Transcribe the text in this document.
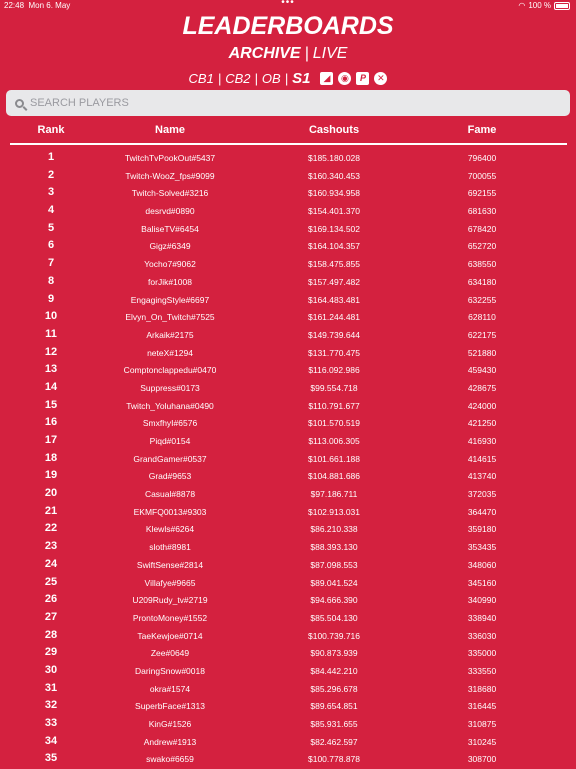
22:48 Mon 6. May	•••	◠ 100 %
LEADERBOARDS
ARCHIVE | LIVE
CB1 | CB2 | OB | S1	◢	◉	P	✕
SEARCH PLAYERS
Rank	Name	Cashouts	Fame
1	TwitchTvPookOut#5437	$185.180.028	796400
2	Twitch-WooZ_fps#9099	$160.340.453	700055
3	Twitch-Solved#3216	$160.934.958	692155
4	desrvd#0890	$154.401.370	681630
5	BaliseTV#6454	$169.134.502	678420
6	Gigz#6349	$164.104.357	652720
7	Yocho7#9062	$158.475.855	638550
8	forJik#1008	$157.497.482	634180
9	EngagingStyle#6697	$164.483.481	632255
10	Elvyn_On_Twitch#7525	$161.244.481	628110
11	Arkaik#2175	$149.739.644	622175
12	neteX#1294	$131.770.475	521880
13	Comptonclappedu#0470	$116.092.986	459430
14	Suppress#0173	$99.554.718	428675
15	Twitch_Yoluhana#0490	$110.791.677	424000
16	SmxfhyI#6576	$101.570.519	421250
17	Piqd#0154	$113.006.305	416930
18	GrandGamer#0537	$101.661.188	414615
19	Grad#9653	$104.881.686	413740
20	Casual#8878	$97.186.711	372035
21	EKMFQ0013#9303	$102.913.031	364470
22	Klewls#6264	$86.210.338	359180
23	sloth#8981	$88.393.130	353435
24	SwiftSense#2814	$87.098.553	348060
25	Villafye#9665	$89.041.524	345160
26	U209Rudy_tv#2719	$94.666.390	340990
27	ProntoMoney#1552	$85.504.130	338940
28	TaeKewjoe#0714	$100.739.716	336030
29	Zee#0649	$90.873.939	335000
30	DaringSnow#0018	$84.442.210	333550
31	okra#1574	$85.296.678	318680
32	SuperbFace#1313	$89.654.851	316445
33	KinG#1526	$85.931.655	310875
34	Andrew#1913	$82.462.597	310245
35	swako#6659	$100.778.878	308700
